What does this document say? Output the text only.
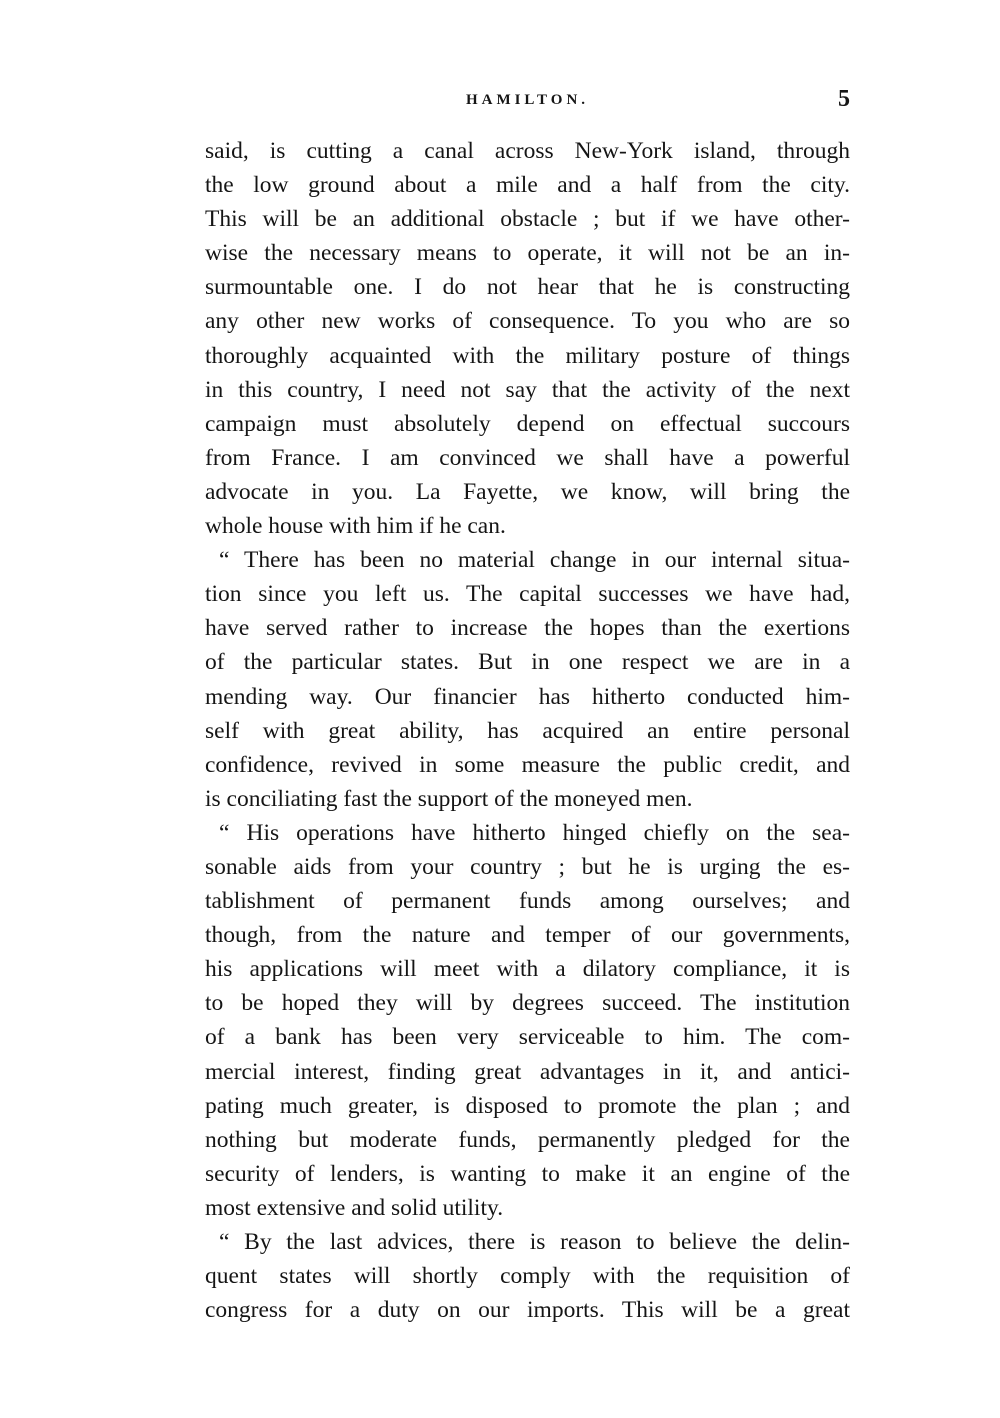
HAMILTON.	5
said, is cutting a canal across New-York island, through
the low ground about a mile and a half from the city.
This will be an additional obstacle ; but if we have other-
wise the necessary means to operate, it will not be an in-
surmountable one. I do not hear that he is constructing
any other new works of consequence. To you who are so
thoroughly acquainted with the military posture of things
in this country, I need not say that the activity of the next
campaign must absolutely depend on effectual succours
from France. I am convinced we shall have a powerful
advocate in you. La Fayette, we know, will bring the
whole house with him if he can.
“ There has been no material change in our internal situa-
tion since you left us. The capital successes we have had,
have served rather to increase the hopes than the exertions
of the particular states. But in one respect we are in a
mending way. Our financier has hitherto conducted him-
self with great ability, has acquired an entire personal
confidence, revived in some measure the public credit, and
is conciliating fast the support of the moneyed men.
“ His operations have hitherto hinged chiefly on the sea-
sonable aids from your country ; but he is urging the es-
tablishment of permanent funds among ourselves; and
though, from the nature and temper of our governments,
his applications will meet with a dilatory compliance, it is
to be hoped they will by degrees succeed. The institution
of a bank has been very serviceable to him. The com-
mercial interest, finding great advantages in it, and antici-
pating much greater, is disposed to promote the plan ; and
nothing but moderate funds, permanently pledged for the
security of lenders, is wanting to make it an engine of the
most extensive and solid utility.
“ By the last advices, there is reason to believe the delin-
quent states will shortly comply with the requisition of
congress for a duty on our imports. This will be a great
